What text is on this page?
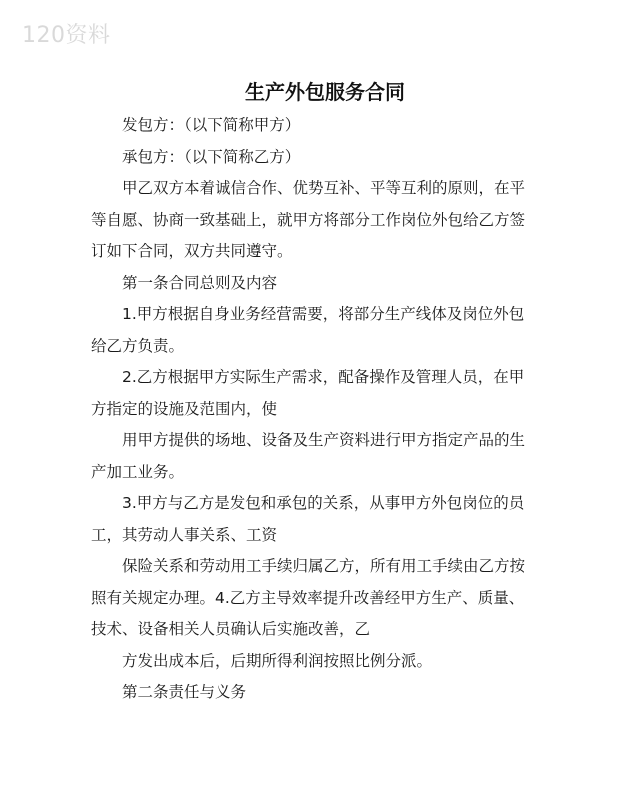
120资料
生产外包服务合同

发包方：（以下简称甲方）

承包方：（以下简称乙方）

甲乙双方本着诚信合作、优势互补、平等互利的原则，在平等自愿、协商一致基础上，就甲方将部分工作岗位外包给乙方签订如下合同，双方共同遵守。

第一条合同总则及内容

1.甲方根据自身业务经营需要，将部分生产线体及岗位外包给乙方负责。

2.乙方根据甲方实际生产需求，配备操作及管理人员，在甲方指定的设施及范围内，使

用甲方提供的场地、设备及生产资料进行甲方指定产品的生产加工业务。

3.甲方与乙方是发包和承包的关系，从事甲方外包岗位的员工，其劳动人事关系、工资

保险关系和劳动用工手续归属乙方，所有用工手续由乙方按照有关规定办理。4.乙方主导效率提升改善经甲方生产、质量、技术、设备相关人员确认后实施改善，乙

方发出成本后，后期所得利润按照比例分派。

第二条责任与义务
